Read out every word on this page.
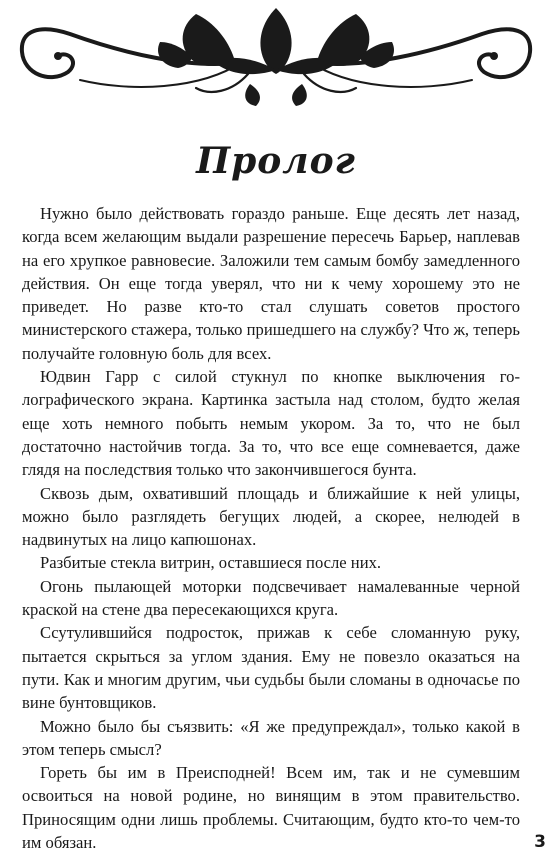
Пролог

Нужно было действовать гораздо раньше. Еще десять лет назад, когда всем желающим выдали разрешение пересечь Барьер, наплевав на его хрупкое равновесие. Заложили тем самым бомбу замедленного действия. Он еще тогда уверял, что ни к чему хорошему это не приведет. Но разве кто-то стал слушать советов простого министерского стажера, только пришедшего на службу? Что ж, теперь получайте головную боль для всех.

Юдвин Гарр с силой стукнул по кнопке выключения голографического экрана. Картинка застыла над столом, будто желая еще хоть немного побыть немым укором. За то, что не был достаточно настойчив тогда. За то, что все еще сомневается, даже глядя на последствия только что закончившегося бунта.

Сквозь дым, охвативший площадь и ближайшие к ней улицы, можно было разглядеть бегущих людей, а скорее, нелюдей в надвинутых на лицо капюшонах.

Разбитые стекла витрин, оставшиеся после них.

Огонь пылающей моторки подсвечивает намалеванные черной краской на стене два пересекающихся круга.

Ссутулившийся подросток, прижав к себе сломанную руку, пытается скрыться за углом здания. Ему не повезло оказаться на пути. Как и многим другим, чьи судьбы были сломаны в одночасье по вине бунтовщиков.

Можно было бы съязвить: «Я же предупреждал», только какой в этом теперь смысл?

Гореть бы им в Преисподней! Всем им, так и не сумевшим освоиться на новой родине, но винящим в этом правительство. Приносящим одни лишь проблемы. Считающим, будто кто-то чем-то им обязан.	3
